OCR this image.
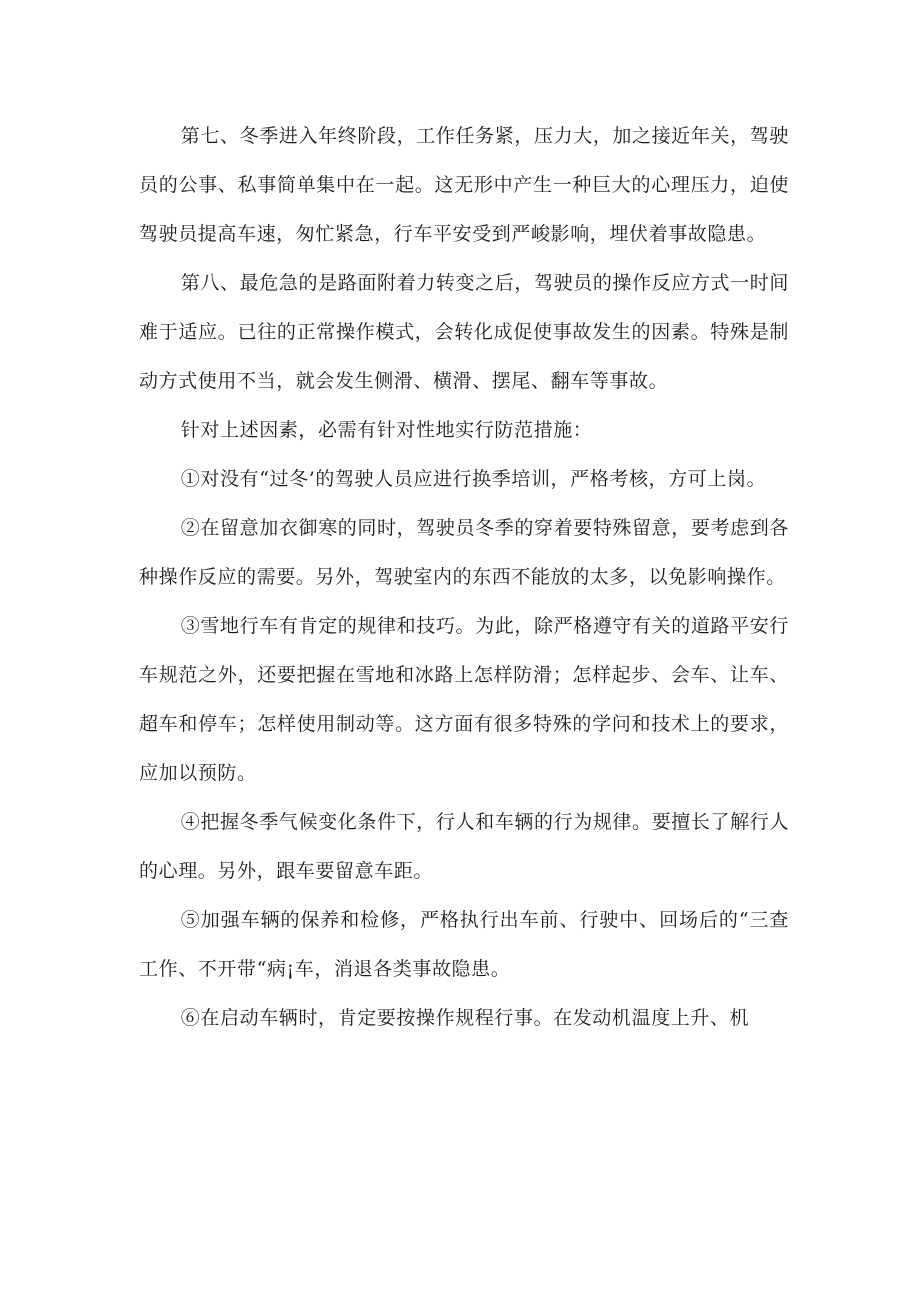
第七、冬季进入年终阶段，工作任务紧，压力大，加之接近年关，驾驶员的公事、私事简单集中在一起。这无形中产生一种巨大的心理压力，迫使驾驶员提高车速，匆忙紧急，行车平安受到严峻影响，埋伏着事故隐患。

第八、最危急的是路面附着力转变之后，驾驶员的操作反应方式一时间难于适应。已往的正常操作模式，会转化成促使事故发生的因素。特殊是制动方式使用不当，就会发生侧滑、横滑、摆尾、翻车等事故。

针对上述因素，必需有针对性地实行防范措施：

①对没有“过冬’的驾驶人员应进行换季培训，严格考核，方可上岗。

②在留意加衣御寒的同时，驾驶员冬季的穿着要特殊留意，要考虑到各种操作反应的需要。另外，驾驶室内的东西不能放的太多，以免影响操作。

③雪地行车有肯定的规律和技巧。为此，除严格遵守有关的道路平安行车规范之外，还要把握在雪地和冰路上怎样防滑；怎样起步、会车、让车、超车和停车；怎样使用制动等。这方面有很多特殊的学问和技术上的要求，应加以预防。

④把握冬季气候变化条件下，行人和车辆的行为规律。要擅长了解行人的心理。另外，跟车要留意车距。

⑤加强车辆的保养和检修，严格执行出车前、行驶中、回场后的“三查工作、不开带“病¡车，消退各类事故隐患。

⑥在启动车辆时，肯定要按操作规程行事。在发动机温度上升、机
